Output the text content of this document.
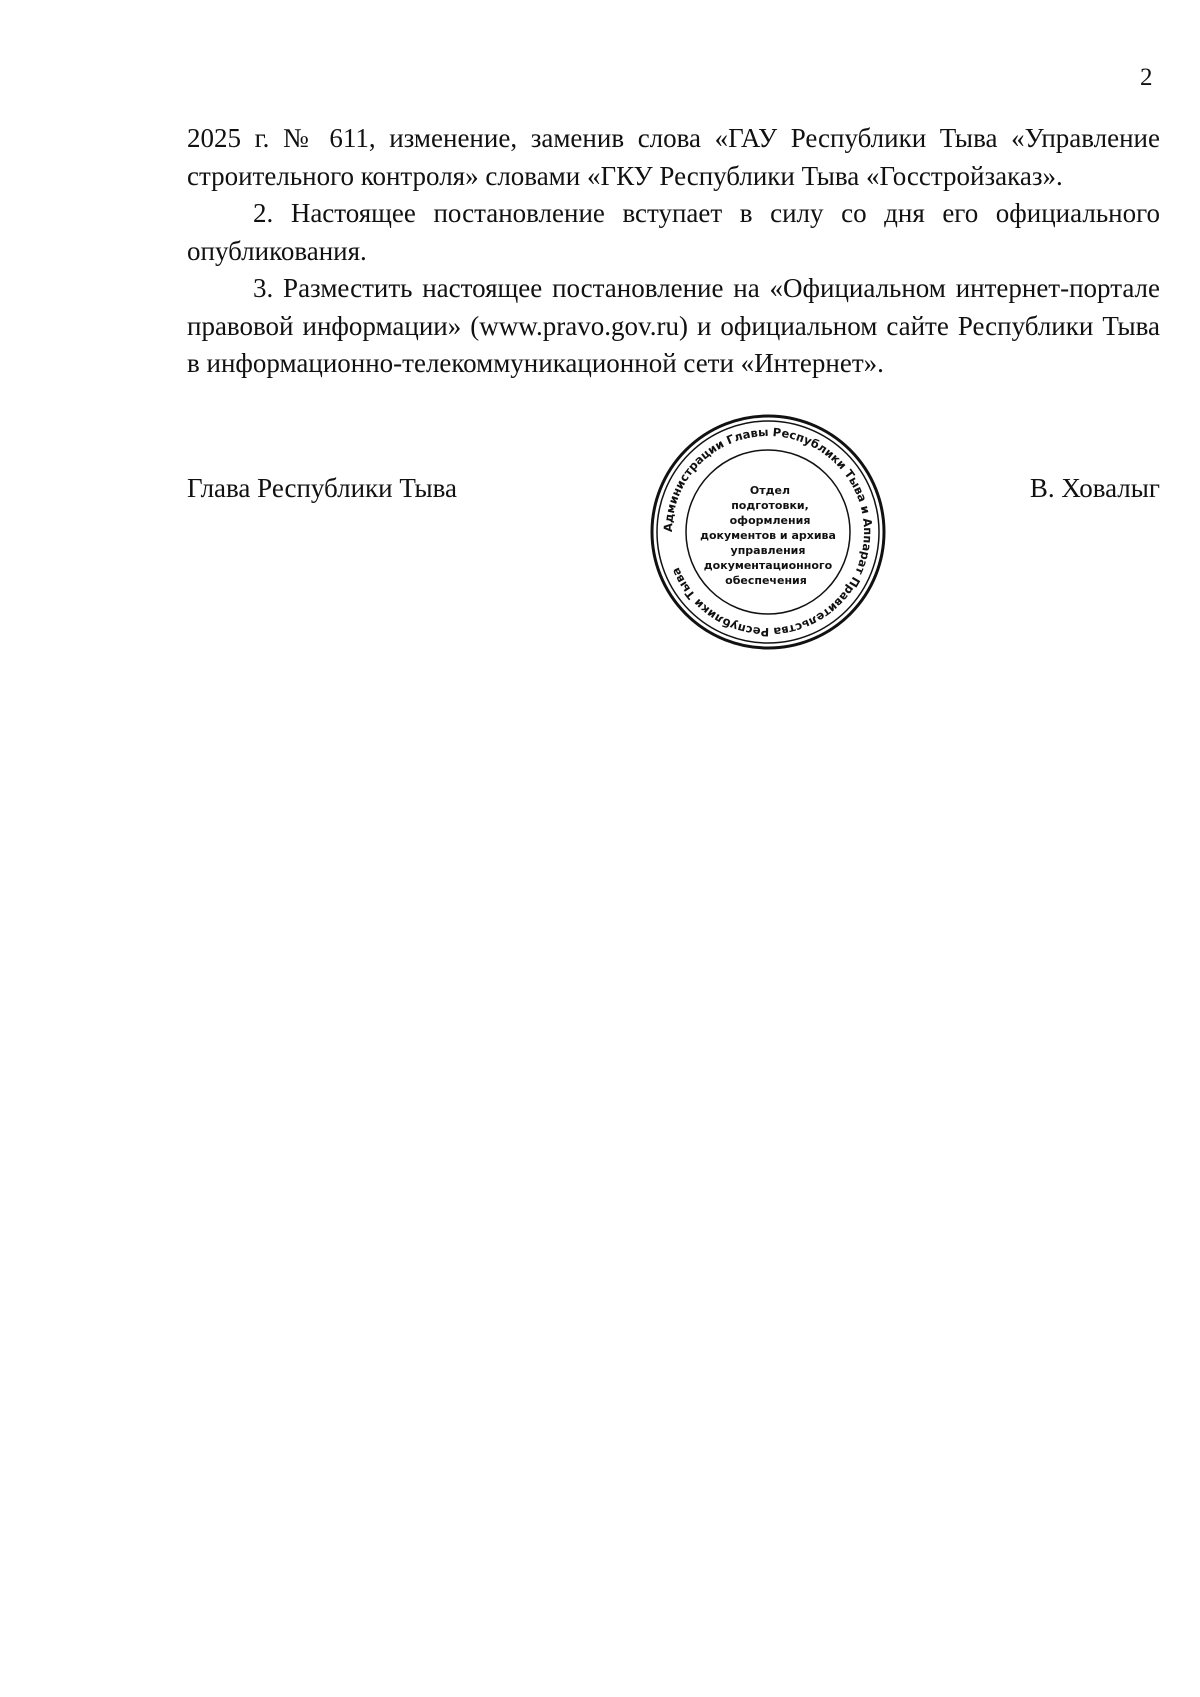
2

2025 г. № 611, изменение, заменив слова «ГАУ Республики Тыва «Управление строительного контроля» словами «ГКУ Республики Тыва «Госстройзаказ».

2. Настоящее постановление вступает в силу со дня его официального опубликования.

3. Разместить настоящее постановление на «Официальном интернет-портале правовой информации» (www.pravo.gov.ru) и официальном сайте Республики Тыва в информационно-телекоммуникационной сети «Интернет».

Глава Республики Тыва
Администрации Главы Республики Тыва и Аппарат Правительства Республики Тыва
Отдел
подготовки,
оформления
документов и архива
управления
документационного
обеспечения
В. Ховалыг
